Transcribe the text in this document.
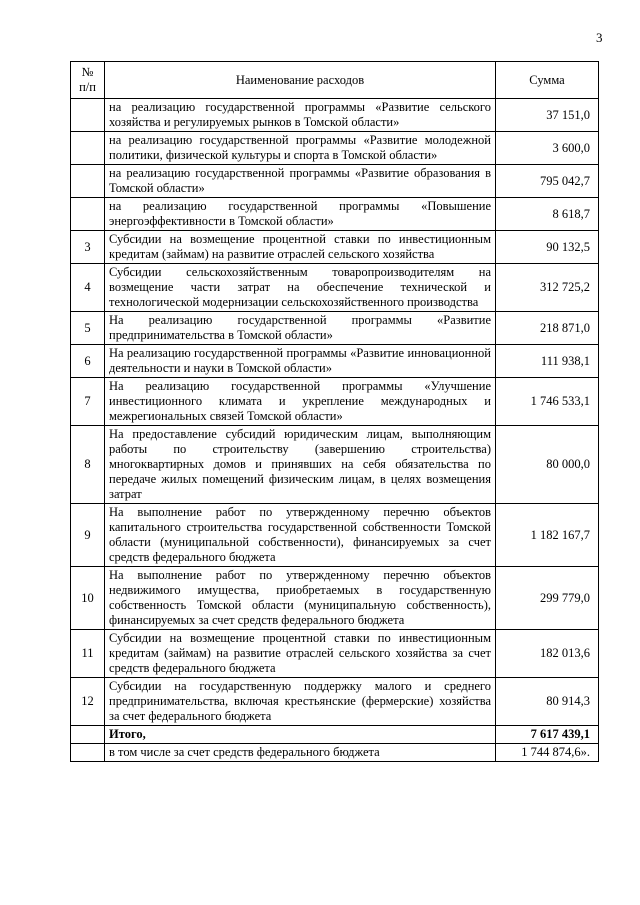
3
№ п/п	Наименование расходов	Сумма
	на реализацию государственной программы «Развитие сельского хозяйства и регулируемых рынков в Томской области»	37 151,0
	на реализацию государственной программы «Развитие молодежной политики, физической культуры и спорта в Томской области»	3 600,0
	на реализацию государственной программы «Развитие образования в Томской области»	795 042,7
	на реализацию государственной программы «Повышение энергоэффективности в Томской области»	8 618,7
3	Субсидии на возмещение процентной ставки по инвестиционным кредитам (займам) на развитие отраслей сельского хозяйства	90 132,5
4	Субсидии сельскохозяйственным товаропроизводителям на возмещение части затрат на обеспечение технической и технологической модернизации сельскохозяйственного производства	312 725,2
5	На реализацию государственной программы «Развитие предпринимательства в Томской области»	218 871,0
6	На реализацию государственной программы «Развитие инновационной деятельности и науки в Томской области»	111 938,1
7	На реализацию государственной программы «Улучшение инвестиционного климата и укрепление международных и межрегиональных связей Томской области»	1 746 533,1
8	На предоставление субсидий юридическим лицам, выполняющим работы по строительству (завершению строительства) многоквартирных домов и принявших на себя обязательства по передаче жилых помещений физическим лицам, в целях возмещения затрат	80 000,0
9	На выполнение работ по утвержденному перечню объектов капитального строительства государственной собственности Томской области (муниципальной собственности), финансируемых за счет средств федерального бюджета	1 182 167,7
10	На выполнение работ по утвержденному перечню объектов недвижимого имущества, приобретаемых в государственную собственность Томской области (муниципальную собственность), финансируемых за счет средств федерального бюджета	299 779,0
11	Субсидии на возмещение процентной ставки по инвестиционным кредитам (займам) на развитие отраслей сельского хозяйства за счет средств федерального бюджета	182 013,6
12	Субсидии на государственную поддержку малого и среднего предпринимательства, включая крестьянские (фермерские) хозяйства за счет федерального бюджета	80 914,3
	Итого,	7 617 439,1
	в том числе за счет средств федерального бюджета	1 744 874,6».
